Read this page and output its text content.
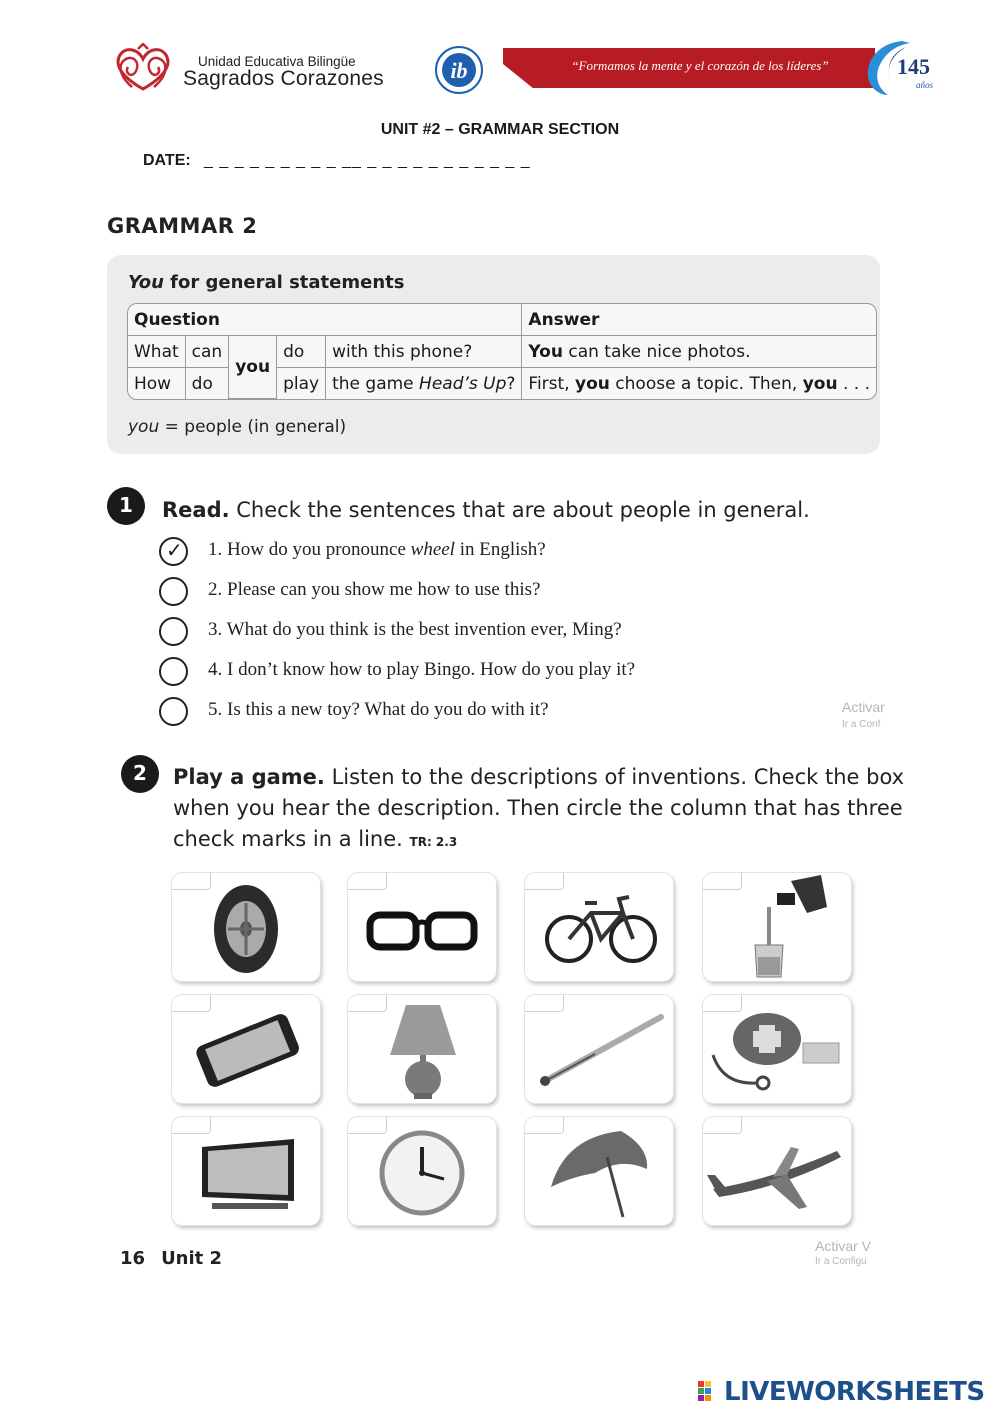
Unidad Educativa Bilingüe
Sagrados Corazones	ib	“Formamos la mente y el corazón de los líderes”	145
años
UNIT #2 – GRAMMAR SECTION
DATE: _ _ _ _ _ _ _ _ _ __ _ _ _ _ _ _ _ _ _ _ _
GRAMMAR 2
You for general statements
Question					Answer
What	can	you	do	with this phone?	You can take nice photos.
How	do		play	the game Head’s Up?	First, you choose a topic. Then, you . . .
you = people (in general)
1	Read. Check the sentences that are about people in general.
✓ 1. How do you pronounce wheel in English?
2. Please can you show me how to use this?
3. What do you think is the best invention ever, Ming?
4. I don’t know how to play Bingo. How do you play it?
5. Is this a new toy? What do you do with it?	Activar
Ir a Conf
2	Play a game. Listen to the descriptions of inventions. Check the box
when you hear the description. Then circle the column that has three
check marks in a line. TR: 2.3
Activar V
Ir a Configu
16 Unit 2
LIVEWORKSHEETS
